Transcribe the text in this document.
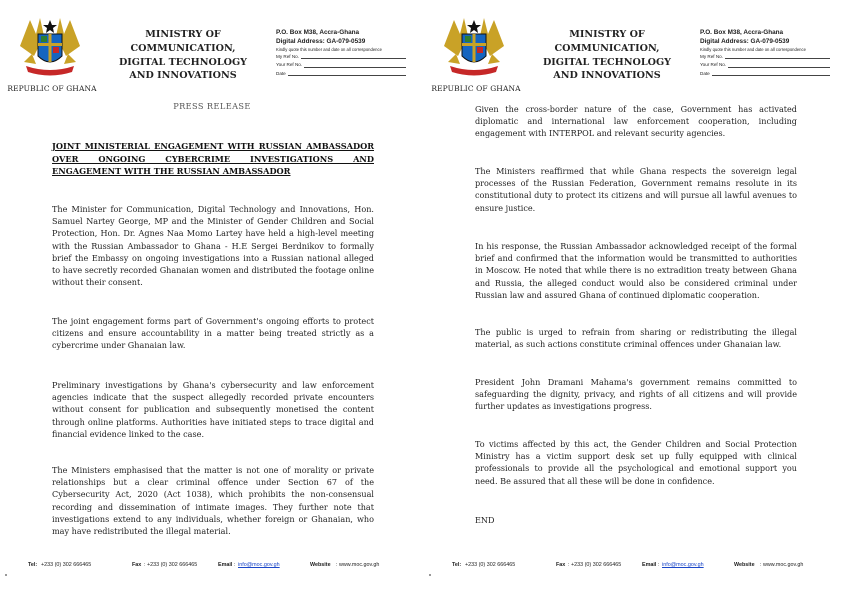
REPUBLIC OF GHANA
MINISTRY OF COMMUNICATION, DIGITAL TECHNOLOGY AND INNOVATIONS
P.O. Box M38, Accra-Ghana
Digital Address: GA-079-0539
Kindly quote this number and date on all correspondence
My Ref No.
Your Ref No.
Date
PRESS RELEASE
JOINT MINISTERIAL ENGAGEMENT WITH RUSSIAN AMBASSADOR OVER ONGOING CYBERCRIME INVESTIGATIONS AND ENGAGEMENT WITH THE RUSSIAN AMBASSADOR

The Minister for Communication, Digital Technology and Innovations, Hon. Samuel Nartey George, MP and the Minister of Gender Children and Social Protection, Hon. Dr. Agnes Naa Momo Lartey have held a high-level meeting with the Russian Ambassador to Ghana - H.E Sergei Berdnikov to formally brief the Embassy on ongoing investigations into a Russian national alleged to have secretly recorded Ghanaian women and distributed the footage online without their consent.

The joint engagement forms part of Government's ongoing efforts to protect citizens and ensure accountability in a matter being treated strictly as a cybercrime under Ghanaian law.

Preliminary investigations by Ghana's cybersecurity and law enforcement agencies indicate that the suspect allegedly recorded private encounters without consent for publication and subsequently monetised the content through online platforms. Authorities have initiated steps to trace digital and financial evidence linked to the case.

The Ministers emphasised that the matter is not one of morality or private relationships but a clear criminal offence under Section 67 of the Cybersecurity Act, 2020 (Act 1038), which prohibits the non-consensual recording and dissemination of intimate images. They further note that investigations extend to any individuals, whether foreign or Ghanaian, who may have redistributed the illegal material.

Tel: +233 (0) 302 666465	Fax : +233 (0) 302 666465	Email : info@moc.gov.gh	Website : www.moc.gov.gh
REPUBLIC OF GHANA
MINISTRY OF COMMUNICATION, DIGITAL TECHNOLOGY AND INNOVATIONS
P.O. Box M38, Accra-Ghana
Digital Address: GA-079-0539
Kindly quote this number and date on all correspondence
My Ref No.
Your Ref No.
Date

Given the cross-border nature of the case, Government has activated diplomatic and international law enforcement cooperation, including engagement with INTERPOL and relevant security agencies.

The Ministers reaffirmed that while Ghana respects the sovereign legal processes of the Russian Federation, Government remains resolute in its constitutional duty to protect its citizens and will pursue all lawful avenues to ensure justice.

In his response, the Russian Ambassador acknowledged receipt of the formal brief and confirmed that the information would be transmitted to authorities in Moscow. He noted that while there is no extradition treaty between Ghana and Russia, the alleged conduct would also be considered criminal under Russian law and assured Ghana of continued diplomatic cooperation.

The public is urged to refrain from sharing or redistributing the illegal material, as such actions constitute criminal offences under Ghanaian law.

President John Dramani Mahama's government remains committed to safeguarding the dignity, privacy, and rights of all citizens and will provide further updates as investigations progress.

To victims affected by this act, the Gender Children and Social Protection Ministry has a victim support desk set up fully equipped with clinical professionals to provide all the psychological and emotional support you need. Be assured that all these will be done in confidence.

END

Tel: +233 (0) 302 666465	Fax : +233 (0) 302 666465	Email : info@moc.gov.gh	Website : www.moc.gov.gh
